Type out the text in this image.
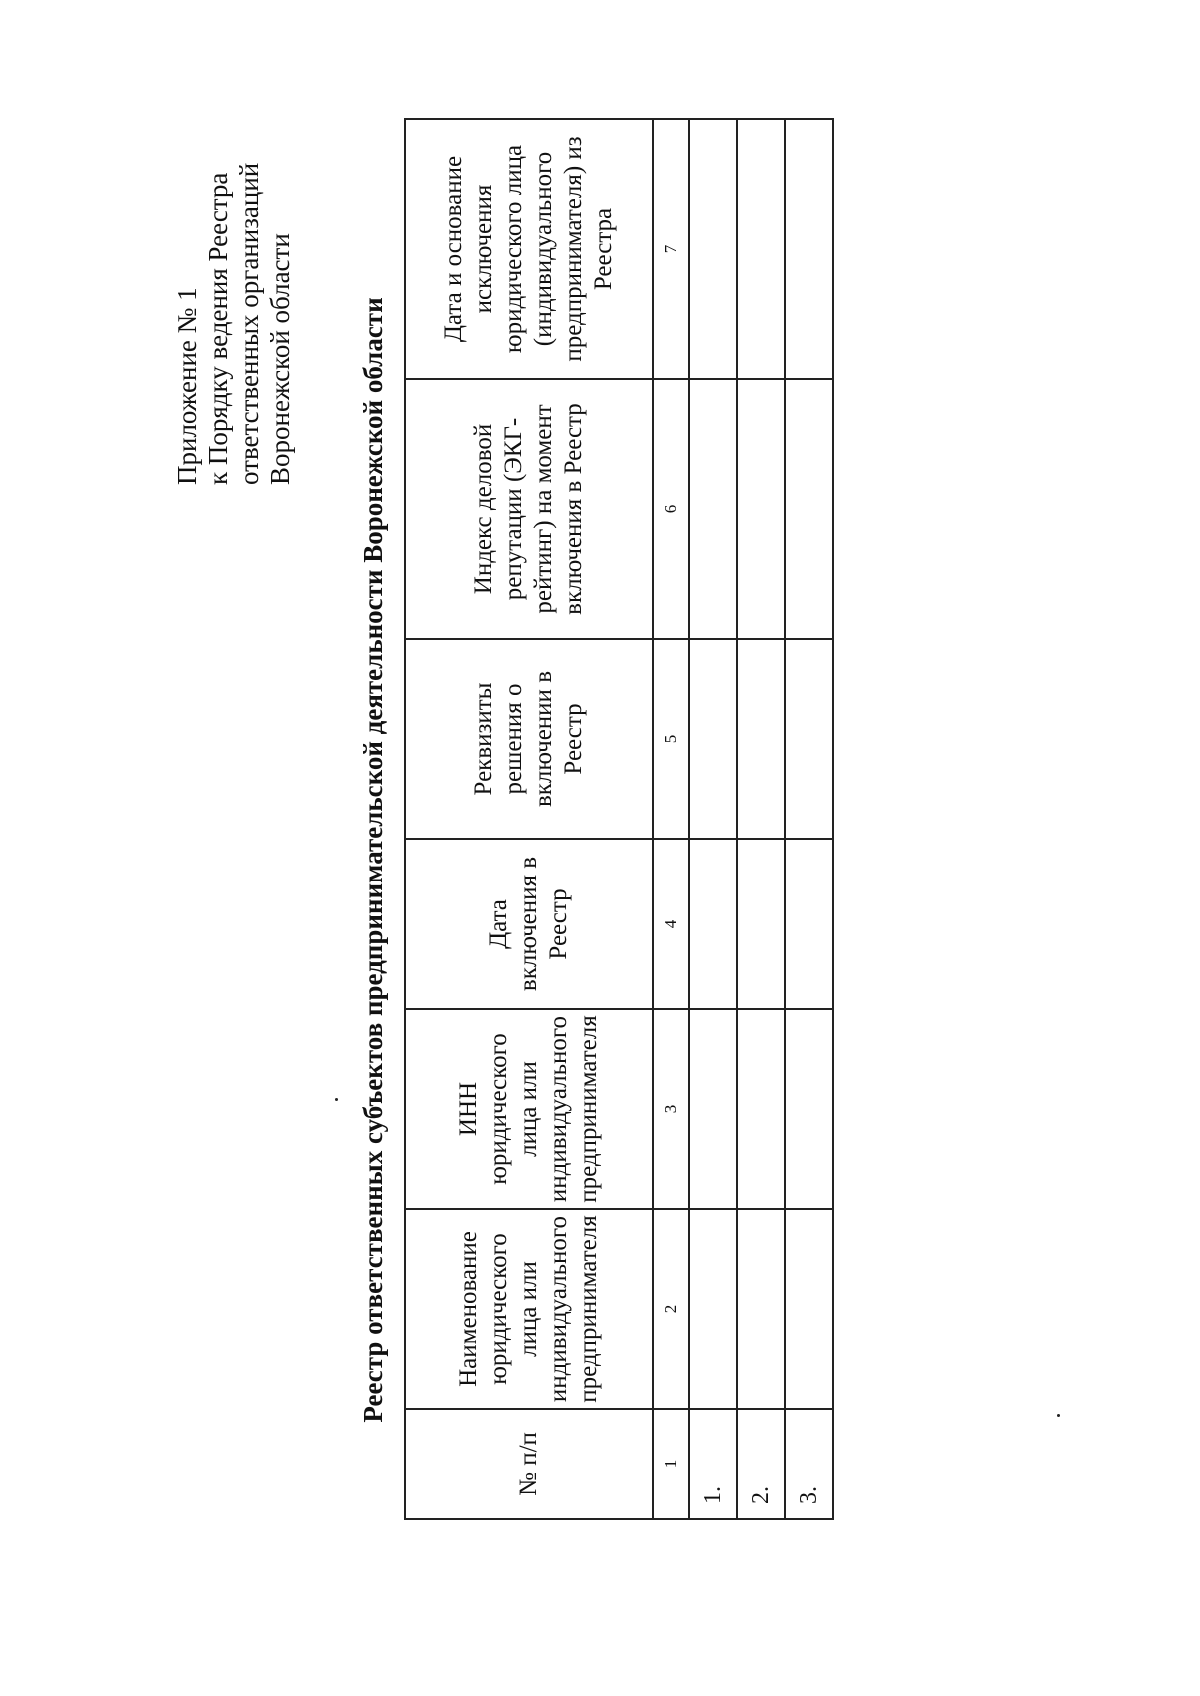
Приложение № 1 к Порядку ведения Реестра ответственных организаций Воронежской области Реестр ответственных субъектов предпринимательской деятельности Воронежской области
№ п/п	Наименование юридического лица или индивидуального предпринимателя	ИНН юридического лица или индивидуального предпринимателя	Дата включения в Реестр	Реквизиты решения о включении в Реестр	Индекс деловой репутации (ЭКГ-рейтинг) на момент включения в Реестр	Дата и основание исключения юридического лица (индивидуального предпринимателя) из Реестра
1	2	3	4	5	6	7
1.						
2.						
3.						
